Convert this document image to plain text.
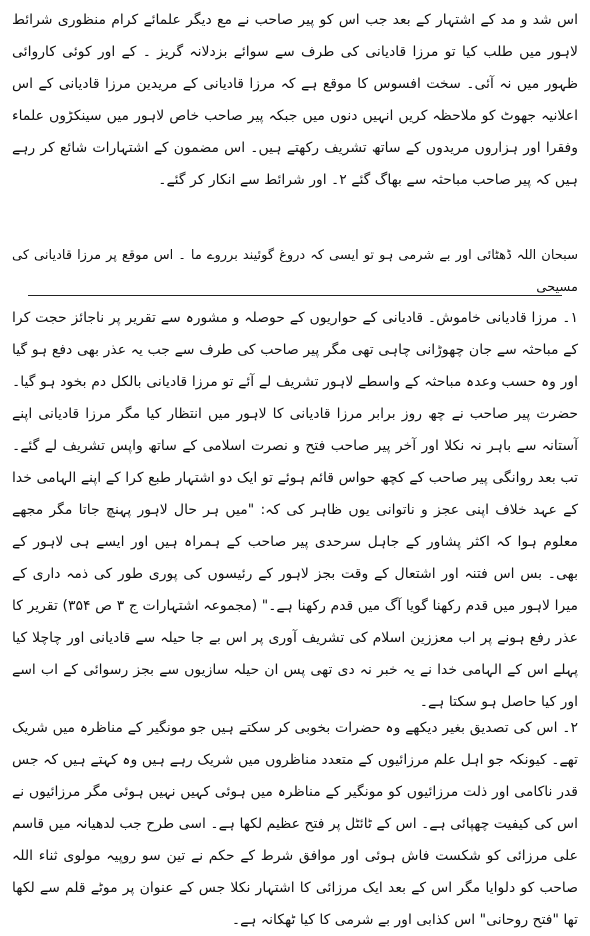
اس شد و مد کے اشتہار کے بعد جب اس کو پیر صاحب نے مع دیگر علمائے کرام منظوری شرائط لاہور میں طلب کیا تو مرزا قادیانی کی طرف سے سوائے بزدلانہ گریز ۔ کے اور کوئی کاروائی ظہور میں نہ آئی۔ سخت افسوس کا موقع ہے کہ مرزا قادیانی کے مریدین مرزا قادیانی کے اس اعلانیہ جھوٹ کو ملاحظہ کریں انہیں دنوں میں جبکہ پیر صاحب خاص لاہور میں سینکڑوں علماء وفقرا اور ہزاروں مریدوں کے ساتھ تشریف رکھتے ہیں۔ اس مضمون کے اشتہارات شائع کر رہے ہیں کہ پیر صاحب مباحثہ سے بھاگ گئے ۲۔ اور شرائط سے انکار کر گئے۔

سبحان اللہ ڈھٹائی اور بے شرمی ہو تو ایسی کہ دروغ گوئیند برروے ما ۔ اس موقع پر مرزا قادیانی کی مسیحی

۱۔ مرزا قادیانی خاموش۔ قادیانی کے حواریوں کے حوصلہ و مشورہ سے تقریر پر ناجائز حجت کرا کے مباحثہ سے جان چھوڑانی چاہی تھی مگر پیر صاحب کی طرف سے جب یہ عذر بھی دفع ہو گیا اور وہ حسب وعدہ مباحثہ کے واسطے لاہور تشریف لے آئے تو مرزا قادیانی بالکل دم بخود ہو گیا۔ حضرت پیر صاحب نے چھ روز برابر مرزا قادیانی کا لاہور میں انتظار کیا مگر مرزا قادیانی اپنے آستانہ سے باہر نہ نکلا اور آخر پیر صاحب فتح و نصرت اسلامی کے ساتھ واپس تشریف لے گئے۔ تب بعد روانگی پیر صاحب کے کچھ حواس قائم ہوئے تو ایک دو اشتہار طبع کرا کے اپنے الہامی خدا کے عہد خلاف اپنی عجز و ناتوانی یوں ظاہر کی کہ: "میں ہر حال لاہور پہنچ جاتا مگر مجھے معلوم ہوا کہ اکثر پشاور کے جاہل سرحدی پیر صاحب کے ہمراہ ہیں اور ایسے ہی لاہور کے بھی۔ بس اس فتنہ اور اشتعال کے وقت بجز لاہور کے رئیسوں کی پوری طور کی ذمہ داری کے میرا لاہور میں قدم رکھنا گویا آگ میں قدم رکھنا ہے۔" (مجموعہ اشتہارات ج ۳ ص ۳۵۴) تقریر کا عذر رفع ہونے پر اب معززین اسلام کی تشریف آوری پر اس بے جا حیلہ سے قادیانی اور چاچلا کیا پہلے اس کے الہامی خدا نے یہ خبر نہ دی تھی پس ان حیلہ سازیوں سے بجز رسوائی کے اب اسے اور کیا حاصل ہو سکتا ہے۔

۲۔ اس کی تصدیق بغیر دیکھے وہ حضرات بخوبی کر سکتے ہیں جو مونگیر کے مناظرہ میں شریک تھے۔ کیونکہ جو اہل علم مرزائیوں کے متعدد مناظروں میں شریک رہے ہیں وہ کہتے ہیں کہ جس قدر ناکامی اور ذلت مرزائیوں کو مونگیر کے مناظرہ میں ہوئی کہیں نہیں ہوئی مگر مرزائیوں نے اس کی کیفیت چھپائی ہے۔ اس کے ٹائٹل پر فتح عظیم لکھا ہے۔ اسی طرح جب لدھیانہ میں قاسم علی مرزائی کو شکست فاش ہوئی اور موافق شرط کے حکم نے تین سو روپیہ مولوی ثناء اللہ صاحب کو دلوایا مگر اس کے بعد ایک مرزائی کا اشتہار نکلا جس کے عنوان پر موٹے قلم سے لکھا تھا "فتح روحانی" اس کذابی اور بے شرمی کا کیا ٹھکانہ ہے۔
